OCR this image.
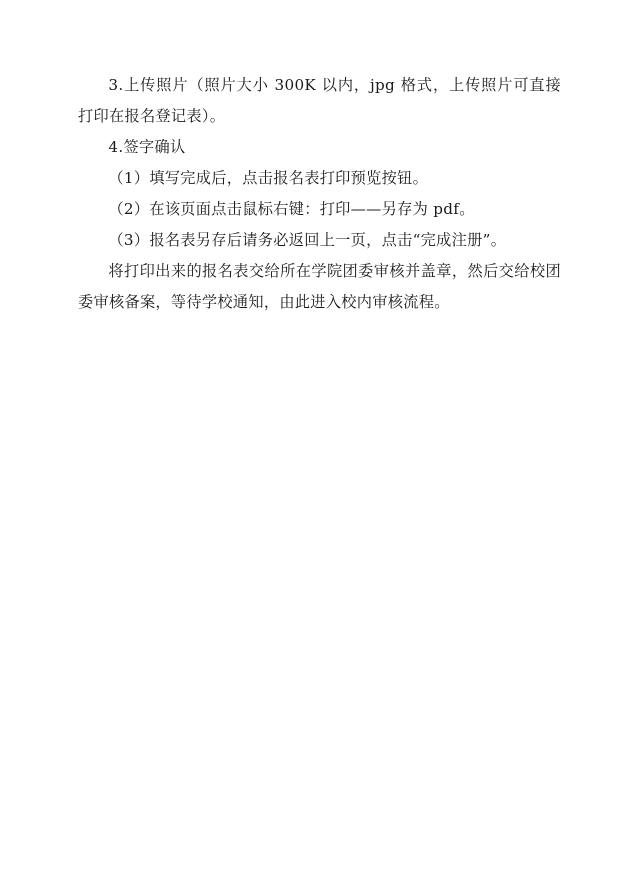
3.上传照片（照片大小 300K 以内，jpg 格式，上传照片可直接打印在报名登记表）。

4.签字确认

（1）填写完成后，点击报名表打印预览按钮。

（2）在该页面点击鼠标右键：打印——另存为 pdf。

（3）报名表另存后请务必返回上一页，点击“完成注册”。

将打印出来的报名表交给所在学院团委审核并盖章，然后交给校团委审核备案，等待学校通知，由此进入校内审核流程。
